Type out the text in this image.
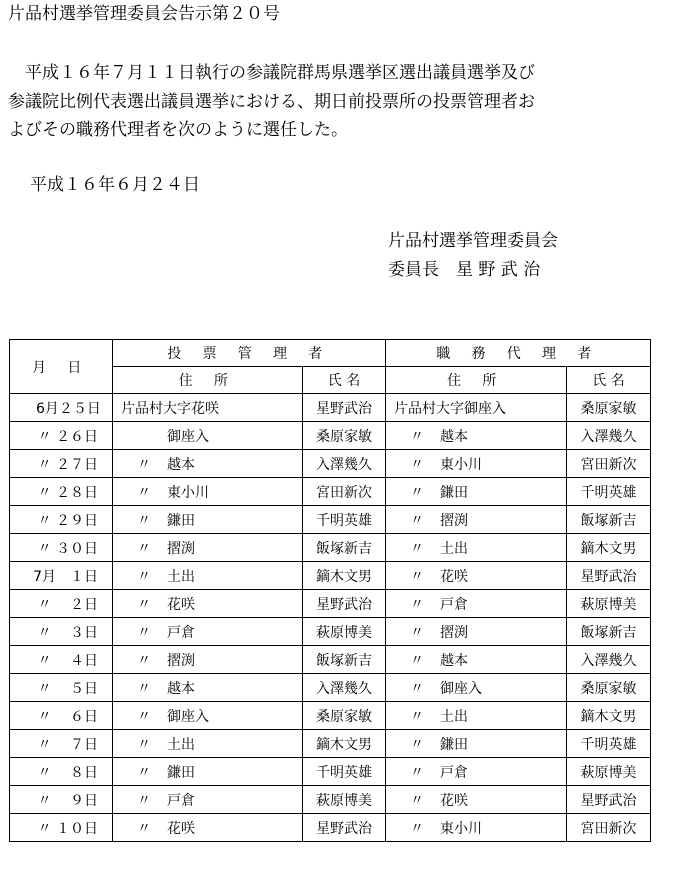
片品村選挙管理委員会告示第２０号
平成１６年７月１１日執行の参議院群馬県選挙区選出議員選挙及び
参議院比例代表選出議員選挙における、期日前投票所の投票管理者お
よびその職務代理者を次のように選任した。
平成１６年６月２４日
片品村選挙管理委員会
委員長　星 野 武 治
月 日	投 票 管 理 者		職 務 代 理 者	
	住 所	氏 名	住 所	氏 名
6月２５日	片品村大字花咲	星野武治	片品村大字御座入	桑原家敏
〃 ２６日	御座入	桑原家敏	〃 越本	入澤幾久
〃 ２７日	〃 越本	入澤幾久	〃 東小川	宮田新次
〃 ２８日	〃 東小川	宮田新次	〃 鎌田	千明英雄
〃 ２９日	〃 鎌田	千明英雄	〃 摺渕	飯塚新吉
〃 ３０日	〃 摺渕	飯塚新吉	〃 土出	鏑木文男
7月　１日	〃 土出	鏑木文男	〃 花咲	星野武治
〃　 ２日	〃 花咲	星野武治	〃 戸倉	萩原博美
〃　 ３日	〃 戸倉	萩原博美	〃 摺渕	飯塚新吉
〃　 ４日	〃 摺渕	飯塚新吉	〃 越本	入澤幾久
〃　 ５日	〃 越本	入澤幾久	〃 御座入	桑原家敏
〃　 ６日	〃 御座入	桑原家敏	〃 土出	鏑木文男
〃　 ７日	〃 土出	鏑木文男	〃 鎌田	千明英雄
〃　 ８日	〃 鎌田	千明英雄	〃 戸倉	萩原博美
〃　 ９日	〃 戸倉	萩原博美	〃 花咲	星野武治
〃 １０日	〃 花咲	星野武治	〃 東小川	宮田新次
